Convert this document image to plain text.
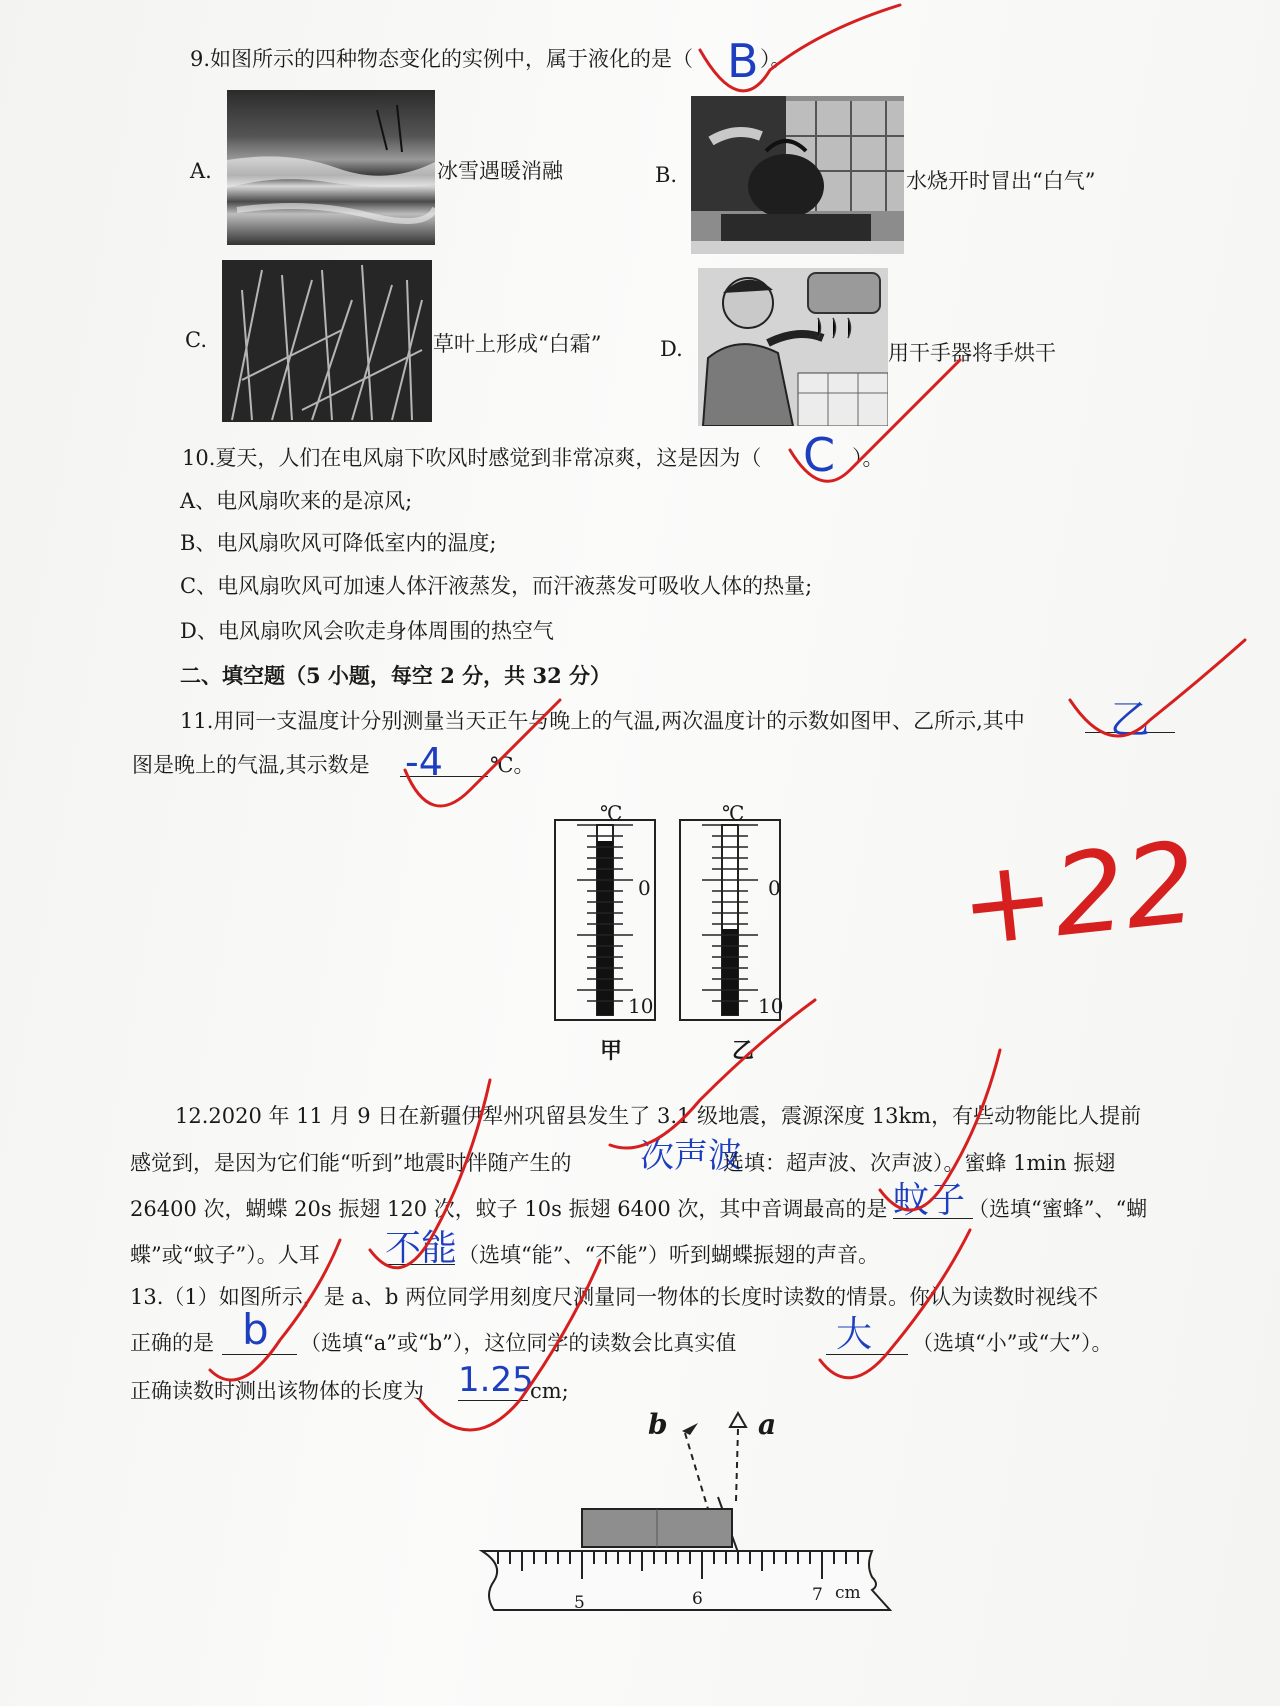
9.如图所示的四种物态变化的实例中，属于液化的是（	）。
B
A.	冰雪遇暖消融	B.	水烧开时冒出“白气”
C.	草叶上形成“白霜”	D.	用干手器将手烘干
10.夏天，人们在电风扇下吹风时感觉到非常凉爽，这是因为（	）。
C
A、电风扇吹来的是凉风;
B、电风扇吹风可降低室内的温度;
C、电风扇吹风可加速人体汗液蒸发，而汗液蒸发可吸收人体的热量;
D、电风扇吹风会吹走身体周围的热空气
二、填空题（5 小题，每空 2 分，共 32 分）
11.用同一支温度计分别测量当天正午与晚上的气温,两次温度计的示数如图甲、乙所示,其中 乙
图是晚上的气温,其示数是 -4 ℃。
℃
0
10
甲
℃
0
10
乙
+22
12.2020 年 11 月 9 日在新疆伊犁州巩留县发生了 3.1 级地震，震源深度 13km，有些动物能比人提前
感觉到，是因为它们能“听到”地震时伴随产生的 次声波
选填：超声波、次声波）。蜜蜂 1min 振翅
26400 次，蝴蝶 20s 振翅 120 次，蚊子 10s 振翅 6400 次，其中音调最高的是 蚊子 （选填“蜜蜂”、“蝴
蝶”或“蚊子”）。人耳 不能 （选填“能”、“不能”）听到蝴蝶振翅的声音。
13.（1）如图所示，是 a、b 两位同学用刻度尺测量同一物体的长度时读数的情景。你认为读数时视线不
正确的是 b （选填“a”或“b”），这位同学的读数会比真实值	大 （选填“小”或“大”）。
正确读数时测出该物体的长度为 1.25
cm;
b	a
5	6	7 cm
